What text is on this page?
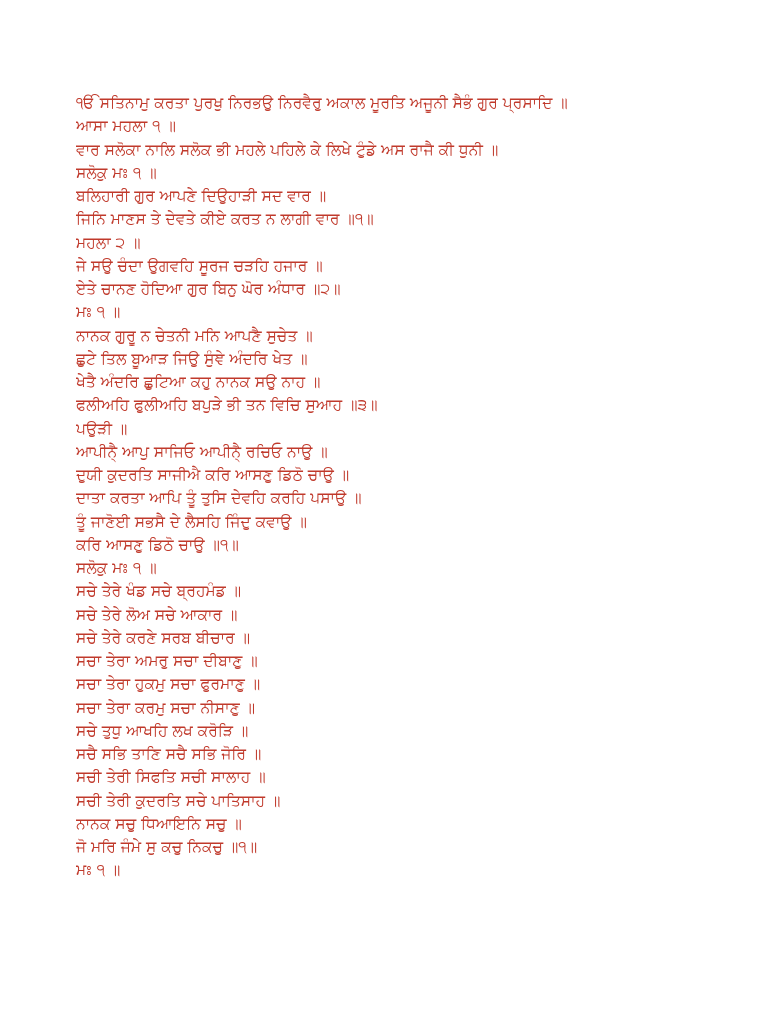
ੴ ਸਤਿਨਾਮੁ ਕਰਤਾ ਪੁਰਖੁ ਨਿਰਭਉ ਨਿਰਵੈਰੁ ਅਕਾਲ ਮੂਰਤਿ ਅਜੂਨੀ ਸੈਭੰ ਗੁਰ ਪ੍ਰਸਾਦਿ ॥
ਆਸਾ ਮਹਲਾ ੧ ॥
ਵਾਰ ਸਲੋਕਾ ਨਾਲਿ ਸਲੋਕ ਭੀ ਮਹਲੇ ਪਹਿਲੇ ਕੇ ਲਿਖੇ ਟੁੰਡੇ ਅਸ ਰਾਜੈ ਕੀ ਧੁਨੀ ॥
ਸਲੋਕੁ ਮਃ ੧ ॥
ਬਲਿਹਾਰੀ ਗੁਰ ਆਪਣੇ ਦਿਉਹਾੜੀ ਸਦ ਵਾਰ ॥
ਜਿਨਿ ਮਾਣਸ ਤੇ ਦੇਵਤੇ ਕੀਏ ਕਰਤ ਨ ਲਾਗੀ ਵਾਰ ॥੧॥
ਮਹਲਾ ੨ ॥
ਜੇ ਸਉ ਚੰਦਾ ਉਗਵਹਿ ਸੂਰਜ ਚੜਹਿ ਹਜਾਰ ॥
ਏਤੇ ਚਾਨਣ ਹੋਦਿਆ ਗੁਰ ਬਿਨੁ ਘੋਰ ਅੰਧਾਰ ॥੨॥
ਮਃ ੧ ॥
ਨਾਨਕ ਗੁਰੂ ਨ ਚੇਤਨੀ ਮਨਿ ਆਪਣੈ ਸੁਚੇਤ ॥
ਛੁਟੇ ਤਿਲ ਬੂਆੜ ਜਿਉ ਸੁੰਞੇ ਅੰਦਰਿ ਖੇਤ ॥
ਖੇਤੈ ਅੰਦਰਿ ਛੁਟਿਆ ਕਹੁ ਨਾਨਕ ਸਉ ਨਾਹ ॥
ਫਲੀਅਹਿ ਫੁਲੀਅਹਿ ਬਪੁੜੇ ਭੀ ਤਨ ਵਿਚਿ ਸੁਆਹ ॥੩॥
ਪਉੜੀ ॥
ਆਪੀਨੈ੍ ਆਪੁ ਸਾਜਿਓ ਆਪੀਨੈ੍ ਰਚਿਓ ਨਾਉ ॥
ਦੁਯੀ ਕੁਦਰਤਿ ਸਾਜੀਐ ਕਰਿ ਆਸਣੁ ਡਿਠੋ ਚਾਉ ॥
ਦਾਤਾ ਕਰਤਾ ਆਪਿ ਤੂੰ ਤੁਸਿ ਦੇਵਹਿ ਕਰਹਿ ਪਸਾਉ ॥
ਤੂੰ ਜਾਣੋਈ ਸਭਸੈ ਦੇ ਲੈਸਹਿ ਜਿੰਦੁ ਕਵਾਉ ॥
ਕਰਿ ਆਸਣੁ ਡਿਠੋ ਚਾਉ ॥੧॥
ਸਲੋਕੁ ਮਃ ੧ ॥
ਸਚੇ ਤੇਰੇ ਖੰਡ ਸਚੇ ਬ੍ਰਹਮੰਡ ॥
ਸਚੇ ਤੇਰੇ ਲੋਅ ਸਚੇ ਆਕਾਰ ॥
ਸਚੇ ਤੇਰੇ ਕਰਣੇ ਸਰਬ ਬੀਚਾਰ ॥
ਸਚਾ ਤੇਰਾ ਅਮਰੁ ਸਚਾ ਦੀਬਾਣੁ ॥
ਸਚਾ ਤੇਰਾ ਹੁਕਮੁ ਸਚਾ ਫੁਰਮਾਣੁ ॥
ਸਚਾ ਤੇਰਾ ਕਰਮੁ ਸਚਾ ਨੀਸਾਣੁ ॥
ਸਚੇ ਤੁਧੁ ਆਖਹਿ ਲਖ ਕਰੋੜਿ ॥
ਸਚੈ ਸਭਿ ਤਾਣਿ ਸਚੈ ਸਭਿ ਜੋਰਿ ॥
ਸਚੀ ਤੇਰੀ ਸਿਫਤਿ ਸਚੀ ਸਾਲਾਹ ॥
ਸਚੀ ਤੇਰੀ ਕੁਦਰਤਿ ਸਚੇ ਪਾਤਿਸਾਹ ॥
ਨਾਨਕ ਸਚੁ ਧਿਆਇਨਿ ਸਚੁ ॥
ਜੋ ਮਰਿ ਜੰਮੇ ਸੁ ਕਚੁ ਨਿਕਚੁ ॥੧॥
ਮਃ ੧ ॥
